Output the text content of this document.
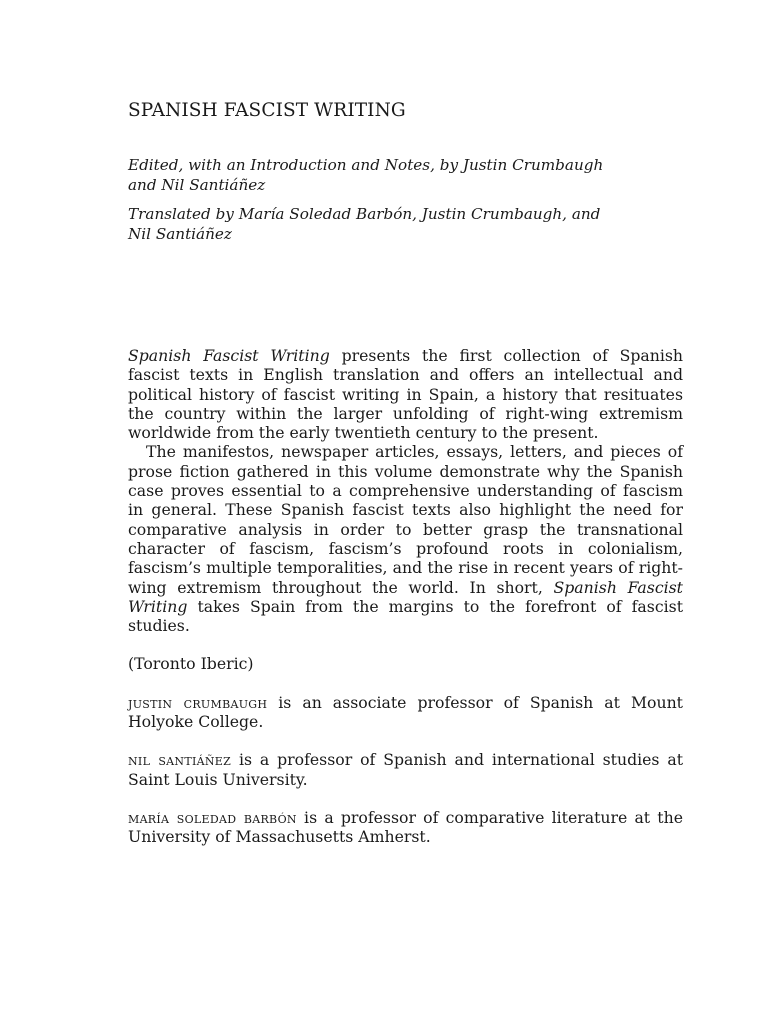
SPANISH FASCIST WRITING

Edited, with an Introduction and Notes, by Justin Crumbaugh and Nil Santiáñez

Translated by María Soledad Barbón, Justin Crumbaugh, and Nil Santiáñez

Spanish Fascist Writing presents the first collection of Spanish fascist texts in English translation and offers an intellectual and political history of fascist writing in Spain, a history that resituates the country within the larger unfolding of right-wing extremism worldwide from the early twentieth century to the present.

The manifestos, newspaper articles, essays, letters, and pieces of prose fiction gathered in this volume demonstrate why the Spanish case proves essential to a comprehensive understanding of fascism in general. These Spanish fascist texts also highlight the need for comparative analysis in order to better grasp the transnational character of fascism, fascism’s profound roots in colonialism, fascism’s multiple temporalities, and the rise in recent years of right-wing extremism throughout the world. In short, Spanish Fascist Writing takes Spain from the margins to the forefront of fascist studies.

(Toronto Iberic)

justin crumbaugh is an associate professor of Spanish at Mount Holyoke College.

nil santiáñez is a professor of Spanish and international studies at Saint Louis University.

maría soledad barbón is a professor of comparative literature at the University of Massachusetts Amherst.
